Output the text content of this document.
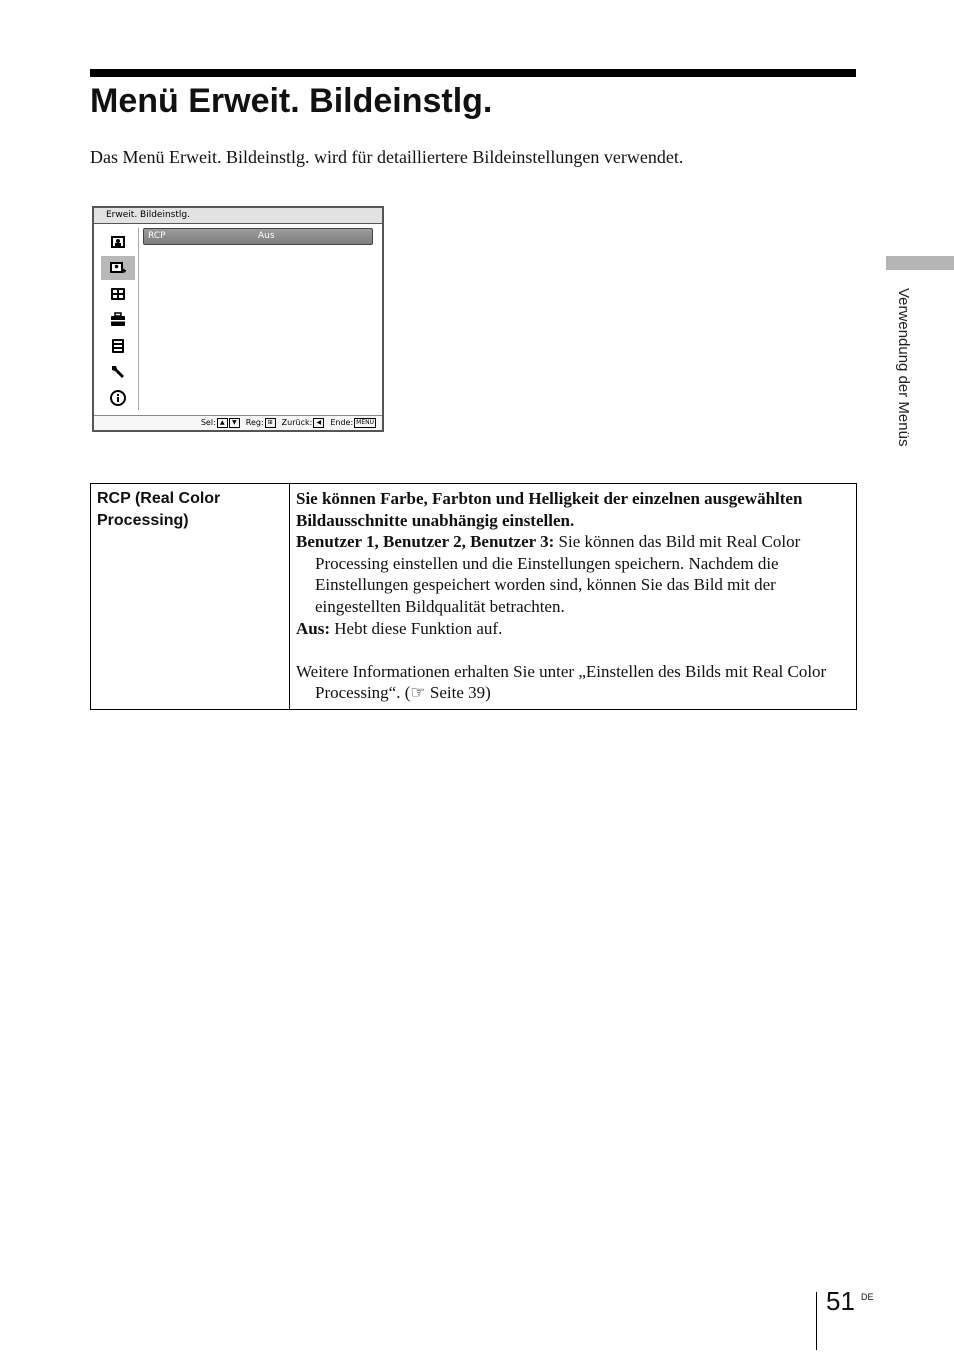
Menü Erweit. Bildeinstlg.

Das Menü Erweit. Bildeinstlg. wird für detailliertere Bildeinstellungen verwendet.

Erweit. Bildeinstlg.
RCP	Aus
Sel: ▲ ▼	Reg: ⊞	Zurück: ◀	Ende: MENU
RCP (Real Color Processing)	

Sie können Farbe, Farbton und Helligkeit der einzelnen ausgewählten Bildausschnitte unabhängig einstellen.

Benutzer 1, Benutzer 2, Benutzer 3: Sie können das Bild mit Real Color Processing einstellen und die Einstellungen speichern. Nachdem die Einstellungen gespeichert worden sind, können Sie das Bild mit der eingestellten Bildqualität betrachten.

Aus: Hebt diese Funktion auf.

Weitere Informationen erhalten Sie unter „Einstellen des Bilds mit Real Color Processing“. (☞ Seite 39)

Verwendung der Menüs
51 DE
